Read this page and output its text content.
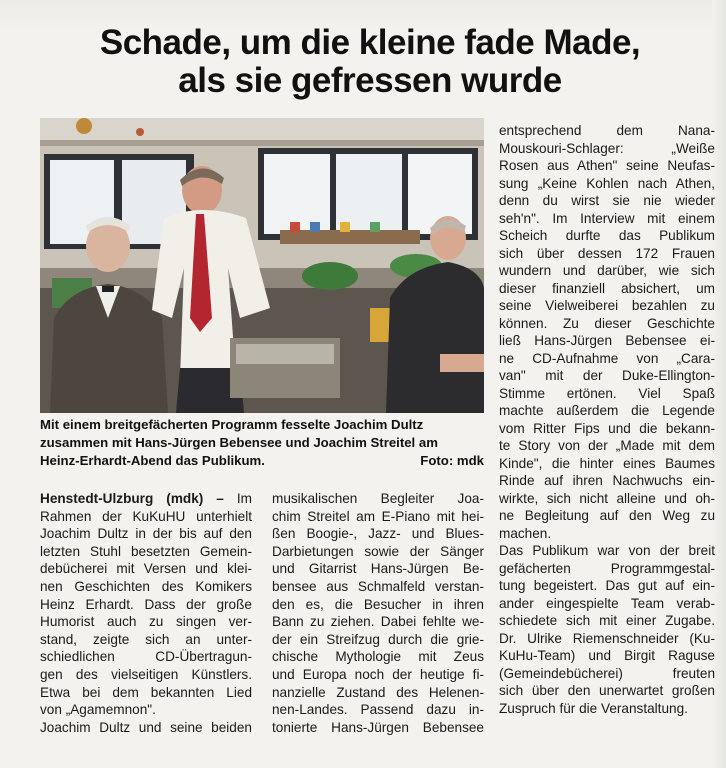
Schade, um die kleine fade Made,
als sie gefressen wurde

Mit einem breitgefächerten Programm fesselte Joachim Dultz

zusammen mit Hans-Jürgen Bebensee und Joachim Streitel am

Heinz-Erhardt-Abend das Publikum.	Foto: mdk

Henstedt-Ulzburg (mdk) – Im

Rahmen der KuKuHU unterhielt

Joachim Dultz in der bis auf den

letzten Stuhl besetzten Gemein-

debücherei mit Versen und klei-

nen Geschichten des Komikers

Heinz Erhardt. Dass der große

Humorist auch zu singen ver-

stand, zeigte sich an unter-

schiedlichen CD-Übertragun-

gen des vielseitigen Künstlers.

Etwa bei dem bekannten Lied

von „Agamemnon".

Joachim Dultz und seine beiden

musikalischen Begleiter Joa-

chim Streitel am E-Piano mit hei-

ßen Boogie-, Jazz- und Blues-

Darbietungen sowie der Sänger

und Gitarrist Hans-Jürgen Be-

bensee aus Schmalfeld verstan-

den es, die Besucher in ihren

Bann zu ziehen. Dabei fehlte we-

der ein Streifzug durch die grie-

chische Mythologie mit Zeus

und Europa noch der heutige fi-

nanzielle Zustand des Helenen-

nen-Landes. Passend dazu in-

tonierte Hans-Jürgen Bebensee

entsprechend dem Nana-

Mouskouri-Schlager: „Weiße

Rosen aus Athen" seine Neufas-

sung „Keine Kohlen nach Athen,

denn du wirst sie nie wieder

seh'n". Im Interview mit einem

Scheich durfte das Publikum

sich über dessen 172 Frauen

wundern und darüber, wie sich

dieser finanziell absichert, um

seine Vielweiberei bezahlen zu

können. Zu dieser Geschichte

ließ Hans-Jürgen Bebensee ei-

ne CD-Aufnahme von „Cara-

van" mit der Duke-Ellington-

Stimme ertönen. Viel Spaß

machte außerdem die Legende

vom Ritter Fips und die bekann-

te Story von der „Made mit dem

Kinde", die hinter eines Baumes

Rinde auf ihren Nachwuchs ein-

wirkte, sich nicht alleine und oh-

ne Begleitung auf den Weg zu

machen.

Das Publikum war von der breit

gefächerten Programmgestal-

tung begeistert. Das gut auf ein-

ander eingespielte Team verab-

schiedete sich mit einer Zugabe.

Dr. Ulrike Riemenschneider (Ku-

KuHu-Team) und Birgit Raguse

(Gemeindebücherei) freuten

sich über den unerwartet großen

Zuspruch für die Veranstaltung.
